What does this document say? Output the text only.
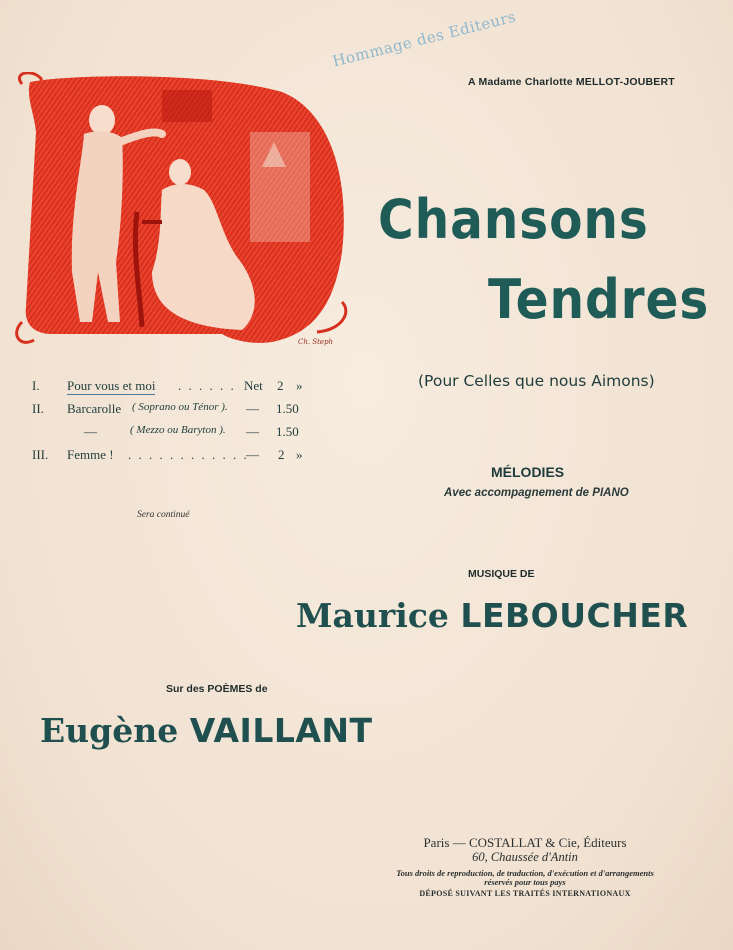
Hommage des Editeurs
A Madame Charlotte MELLOT-JOUBERT
Ch. Steph
Chansons
Tendres
(Pour Celles que nous Aimons)
I. Pour vous et moi . . . . . . Net 2 »
II. Barcarolle ( Soprano ou Ténor ). — 1.50
—	( Mezzo ou Baryton ). — 1.50
III. Femme ! . . . . . . . . . . . .
— 2 »
Sera continué
MÉLODIES
Avec accompagnement de PIANO
MUSIQUE DE
Maurice LEBOUCHER
Sur des POÈMES de
Eugène VAILLANT
Paris — COSTALLAT & Cie, Éditeurs
60, Chaussée d'Antin
Tous droits de reproduction, de traduction, d'exécution et d'arrangements
réservés pour tous pays
DÉPOSÉ SUIVANT LES TRAITÉS INTERNATIONAUX
